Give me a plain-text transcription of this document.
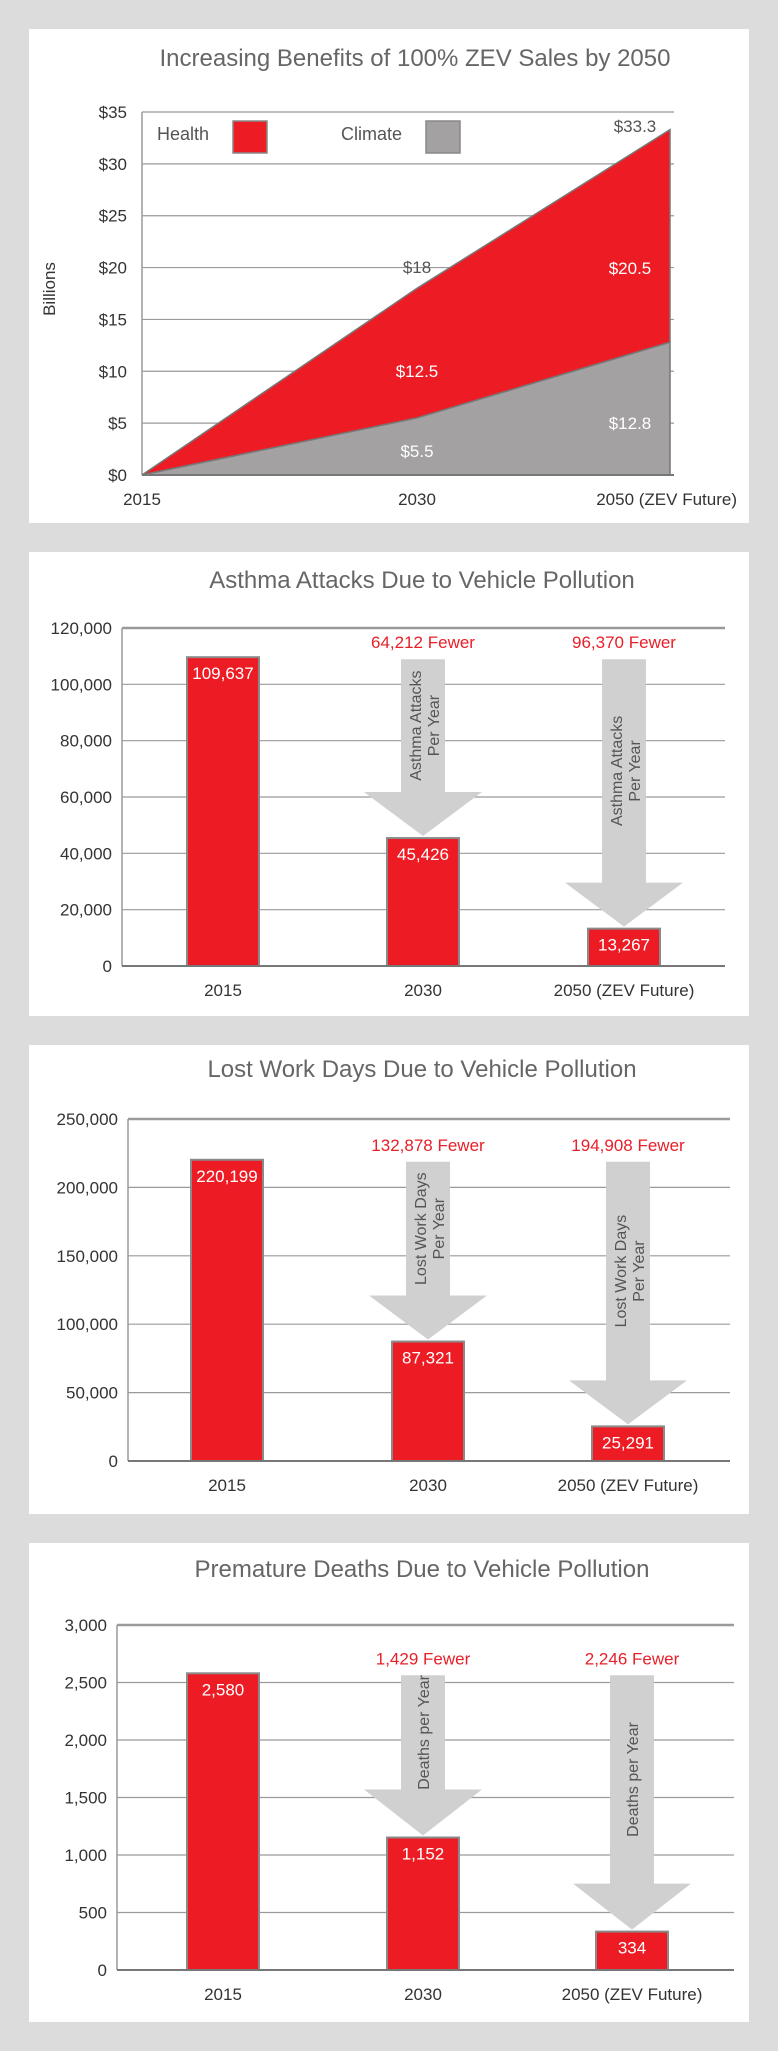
Increasing Benefits of 100% ZEV Sales by 2050
Billions
Health	Climate
$0
$5
$10
$15
$20
$25
$30
$35
2015	2030	2050 (ZEV Future)
$5.5
$12.5
$12.8
$20.5
$18
$33.3
Asthma Attacks Due to Vehicle Pollution
0
20,000
40,000
60,000
80,000
100,000
120,000
109,637
45,426
13,267
64,212 Fewer
Asthma Attacks Per Year
96,370 Fewer
Asthma Attacks Per Year
2015	2030	2050 (ZEV Future)
Lost Work Days Due to Vehicle Pollution
0
50,000
100,000
150,000
200,000
250,000
220,199
87,321
25,291
132,878 Fewer
Lost Work Days Per Year
194,908 Fewer
Lost Work Days Per Year
2015	2030	2050 (ZEV Future)
Premature Deaths Due to Vehicle Pollution
0
500
1,000
1,500
2,000
2,500
3,000
2,580
1,152
334
1,429 Fewer
Deaths per Year
2,246 Fewer
Deaths per Year
2015	2030	2050 (ZEV Future)
